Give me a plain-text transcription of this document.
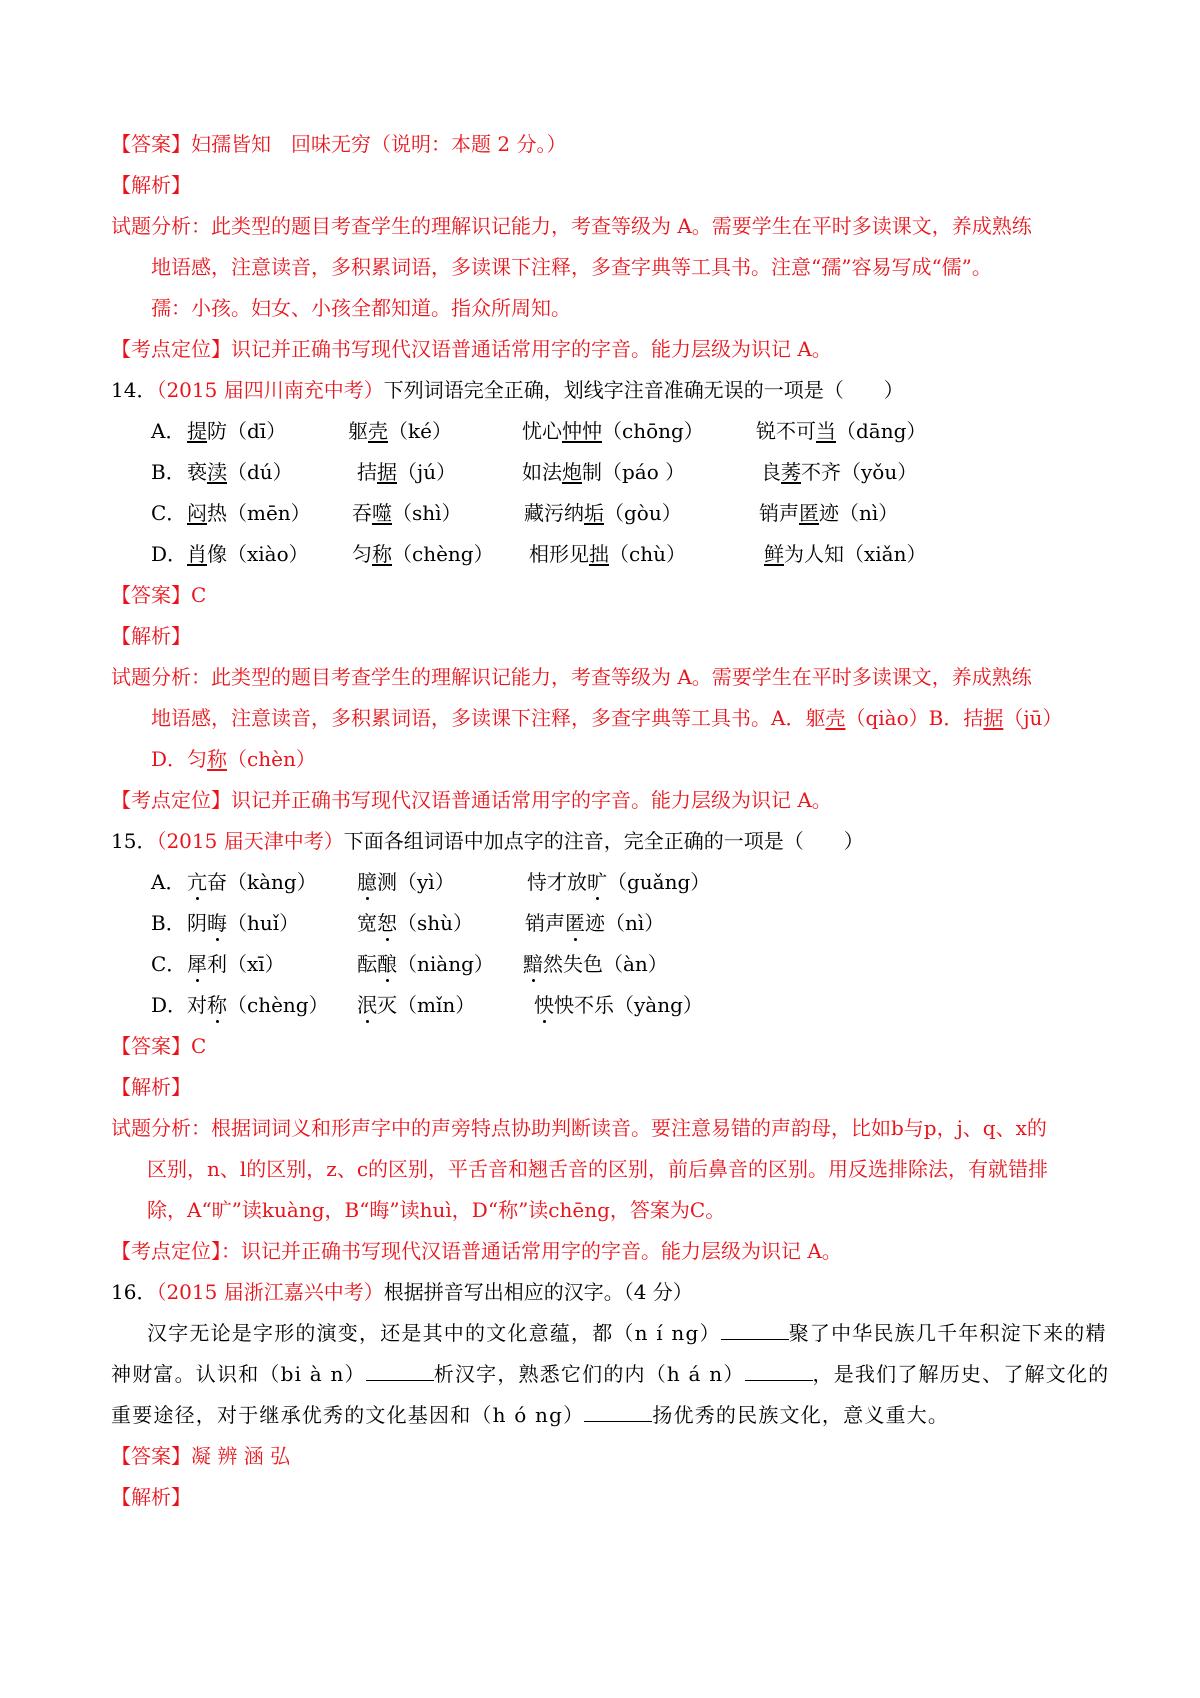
【答案】妇孺皆知　回味无穷（说明：本题 2 分。）
【解析】
试题分析：此类型的题目考查学生的理解识记能力，考查等级为 A。需要学生在平时多读课文，养成熟练
地语感，注意读音，多积累词语，多读课下注释，多查字典等工具书。注意“孺”容易写成“儒”。
孺：小孩。妇女、小孩全都知道。指众所周知。
【考点定位】识记并正确书写现代汉语普通话常用字的字音。能力层级为识记 A。
14．（2015 届四川南充中考）下列词语完全正确，划线字注音准确无误的一项是（　　）
A． 提防（dī）	躯壳（ké）	忧心忡忡（chōng）	锐不可当（dāng）
B． 亵渎（dú）	拮据（jú）	如法炮制（páo ）	良莠不齐（yǒu）
C． 闷热（mēn） 吞噬（shì）	藏污纳垢（gòu）	销声匿迹（nì）
D． 肖像（xiào） 匀称（chèng） 相形见拙（chù）	鲜为人知（xiǎn）
【答案】C
【解析】
试题分析：此类型的题目考查学生的理解识记能力，考查等级为 A。需要学生在平时多读课文，养成熟练
地语感，注意读音，多积累词语，多读课下注释，多查字典等工具书。A．躯壳（qiào）B．拮据（jū）
D．匀称（chèn）
【考点定位】识记并正确书写现代汉语普通话常用字的字音。能力层级为识记 A。
15．（2015 届天津中考）下面各组词语中加点字的注音，完全正确的一项是（　　）
A． 亢奋（kàng） 臆测（yì）	恃才放旷（guǎng）
B． 阴晦（huǐ）	宽恕（shù）	销声匿迹（nì）
C． 犀利（xī）	酝酿（niàng） 黯然失色（àn）
D． 对称（chèng） 泯灭（mǐn）	怏怏不乐（yàng）
【答案】C
【解析】
试题分析：根据词词义和形声字中的声旁特点协助判断读音。要注意易错的声韵母，比如b与p，j、q、x的
区别，n、l的区别，z、c的区别，平舌音和翘舌音的区别，前后鼻音的区别。用反选排除法，有就错排
除，A“旷”读kuàng，B“晦”读huì，D“称”读chēng，答案为C。
【考点定位】：识记并正确书写现代汉语普通话常用字的字音。能力层级为识记 A。
16．（2015 届浙江嘉兴中考）根据拼音写出相应的汉字。（4 分）
汉字无论是字形的演变，还是其中的文化意蕴，都（n í ng）	聚了中华民族几千年积淀下来的精
神财富。认识和（bi à n）	析汉字，熟悉它们的内（h á n）	，是我们了解历史、了解文化的
重要途径，对于继承优秀的文化基因和（h ó ng）	扬优秀的民族文化，意义重大。
【答案】凝 辨 涵 弘
【解析】
